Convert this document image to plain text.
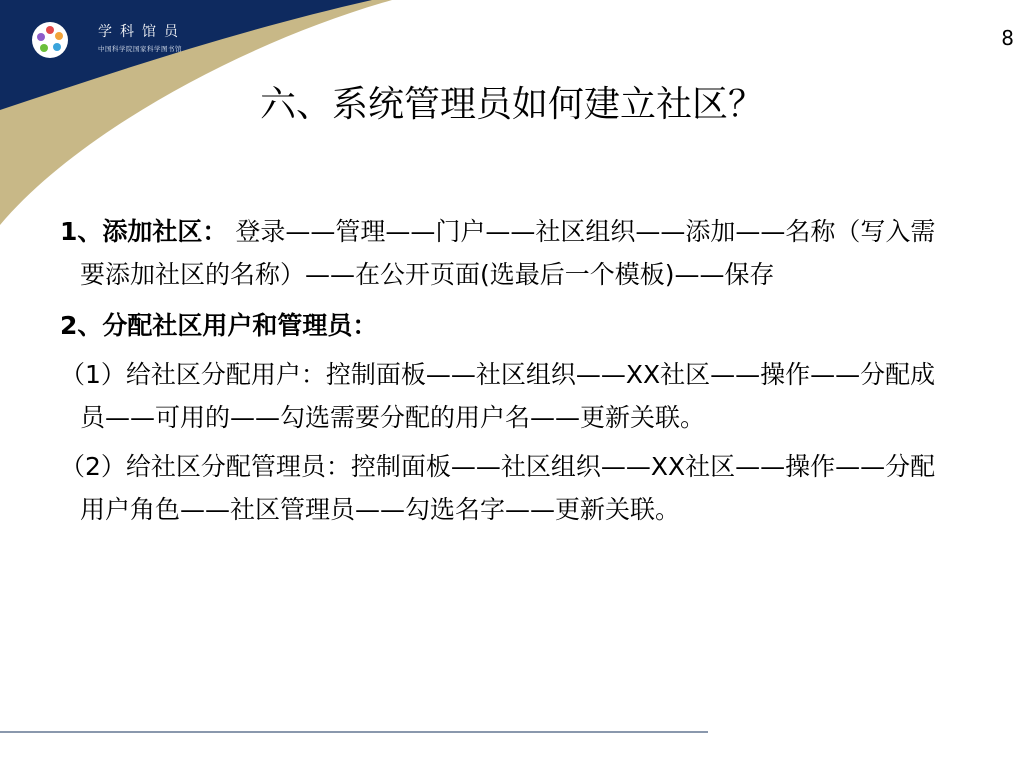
学科馆员
中国科学院国家科学图书馆	8
六、系统管理员如何建立社区？

1、添加社区： 登录——管理——门户——社区组织——添加——名称（写入需要添加社区的名称）——在公开页面(选最后一个模板)——保存

2、分配社区用户和管理员：

（1）给社区分配用户：控制面板——社区组织——XX社区——操作——分配成员——可用的——勾选需要分配的用户名——更新关联。

（2）给社区分配管理员：控制面板——社区组织——XX社区——操作——分配用户角色——社区管理员——勾选名字——更新关联。
